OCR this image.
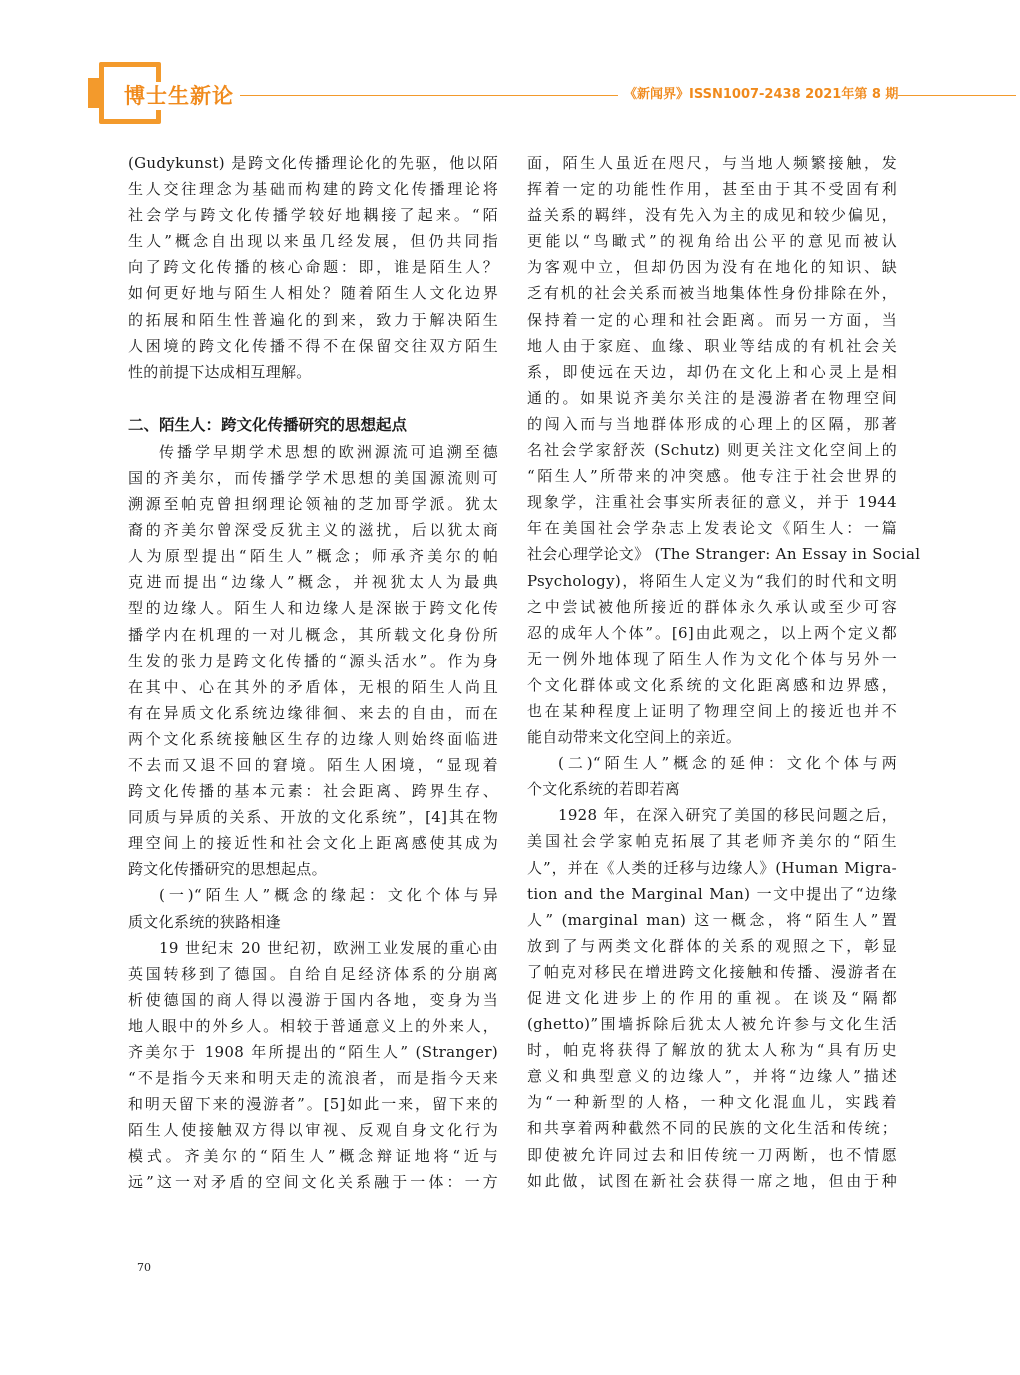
博士生新论	《新闻界》ISSN1007-2438 2021年第 8 期
(Gudykunst) 是跨文化传播理论化的先驱，他以陌
生人交往理念为基础而构建的跨文化传播理论将
社会学与跨文化传播学较好地耦接了起来。“陌
生人”概念自出现以来虽几经发展，但仍共同指
向了跨文化传播的核心命题：即，谁是陌生人？
如何更好地与陌生人相处？随着陌生人文化边界
的拓展和陌生性普遍化的到来，致力于解决陌生
人困境的跨文化传播不得不在保留交往双方陌生
性的前提下达成相互理解。
二、陌生人：跨文化传播研究的思想起点
传播学早期学术思想的欧洲源流可追溯至德
国的齐美尔，而传播学学术思想的美国源流则可
溯源至帕克曾担纲理论领袖的芝加哥学派。犹太
裔的齐美尔曾深受反犹主义的滋扰，后以犹太商
人为原型提出“陌生人”概念；师承齐美尔的帕
克进而提出“边缘人”概念，并视犹太人为最典
型的边缘人。陌生人和边缘人是深嵌于跨文化传
播学内在机理的一对儿概念，其所载文化身份所
生发的张力是跨文化传播的“源头活水”。作为身
在其中、心在其外的矛盾体，无根的陌生人尚且
有在异质文化系统边缘徘徊、来去的自由，而在
两个文化系统接触区生存的边缘人则始终面临进
不去而又退不回的窘境。陌生人困境，“显现着
跨文化传播的基本元素：社会距离、跨界生存、
同质与异质的关系、开放的文化系统”，[4]其在物
理空间上的接近性和社会文化上距离感使其成为
跨文化传播研究的思想起点。
(一)“陌生人”概念的缘起：文化个体与异
质文化系统的狭路相逢
19 世纪末 20 世纪初，欧洲工业发展的重心由
英国转移到了德国。自给自足经济体系的分崩离
析使德国的商人得以漫游于国内各地，变身为当
地人眼中的外乡人。相较于普通意义上的外来人，
齐美尔于 1908 年所提出的“陌生人” (Stranger)
“不是指今天来和明天走的流浪者，而是指今天来
和明天留下来的漫游者”。[5]如此一来，留下来的
陌生人使接触双方得以审视、反观自身文化行为
模式。齐美尔的“陌生人”概念辩证地将“近与
远”这一对矛盾的空间文化关系融于一体：一方
面，陌生人虽近在咫尺，与当地人频繁接触，发
挥着一定的功能性作用，甚至由于其不受固有利
益关系的羁绊，没有先入为主的成见和较少偏见，
更能以“鸟瞰式”的视角给出公平的意见而被认
为客观中立，但却仍因为没有在地化的知识、缺
乏有机的社会关系而被当地集体性身份排除在外，
保持着一定的心理和社会距离。而另一方面，当
地人由于家庭、血缘、职业等结成的有机社会关
系，即使远在天边，却仍在文化上和心灵上是相
通的。如果说齐美尔关注的是漫游者在物理空间
的闯入而与当地群体形成的心理上的区隔，那著
名社会学家舒茨 (Schutz) 则更关注文化空间上的
“陌生人”所带来的冲突感。他专注于社会世界的
现象学，注重社会事实所表征的意义，并于 1944
年在美国社会学杂志上发表论文《陌生人：一篇
社会心理学论文》 (The Stranger: An Essay in Social
Psychology)，将陌生人定义为“我们的时代和文明
之中尝试被他所接近的群体永久承认或至少可容
忍的成年人个体”。[6]由此观之，以上两个定义都
无一例外地体现了陌生人作为文化个体与另外一
个文化群体或文化系统的文化距离感和边界感，
也在某种程度上证明了物理空间上的接近也并不
能自动带来文化空间上的亲近。
(二)“陌生人”概念的延伸：文化个体与两
个文化系统的若即若离
1928 年，在深入研究了美国的移民问题之后，
美国社会学家帕克拓展了其老师齐美尔的“陌生
人”，并在《人类的迁移与边缘人》(Human Migra-
tion and the Marginal Man) 一文中提出了“边缘
人” (marginal man) 这一概念，将“陌生人”置
放到了与两类文化群体的关系的观照之下，彰显
了帕克对移民在增进跨文化接触和传播、漫游者在
促进文化进步上的作用的重视。在谈及“隔都
(ghetto)”围墙拆除后犹太人被允许参与文化生活
时，帕克将获得了解放的犹太人称为“具有历史
意义和典型意义的边缘人”，并将“边缘人”描述
为“一种新型的人格，一种文化混血儿，实践着
和共享着两种截然不同的民族的文化生活和传统；
即使被允许同过去和旧传统一刀两断，也不情愿
如此做，试图在新社会获得一席之地，但由于种
70
